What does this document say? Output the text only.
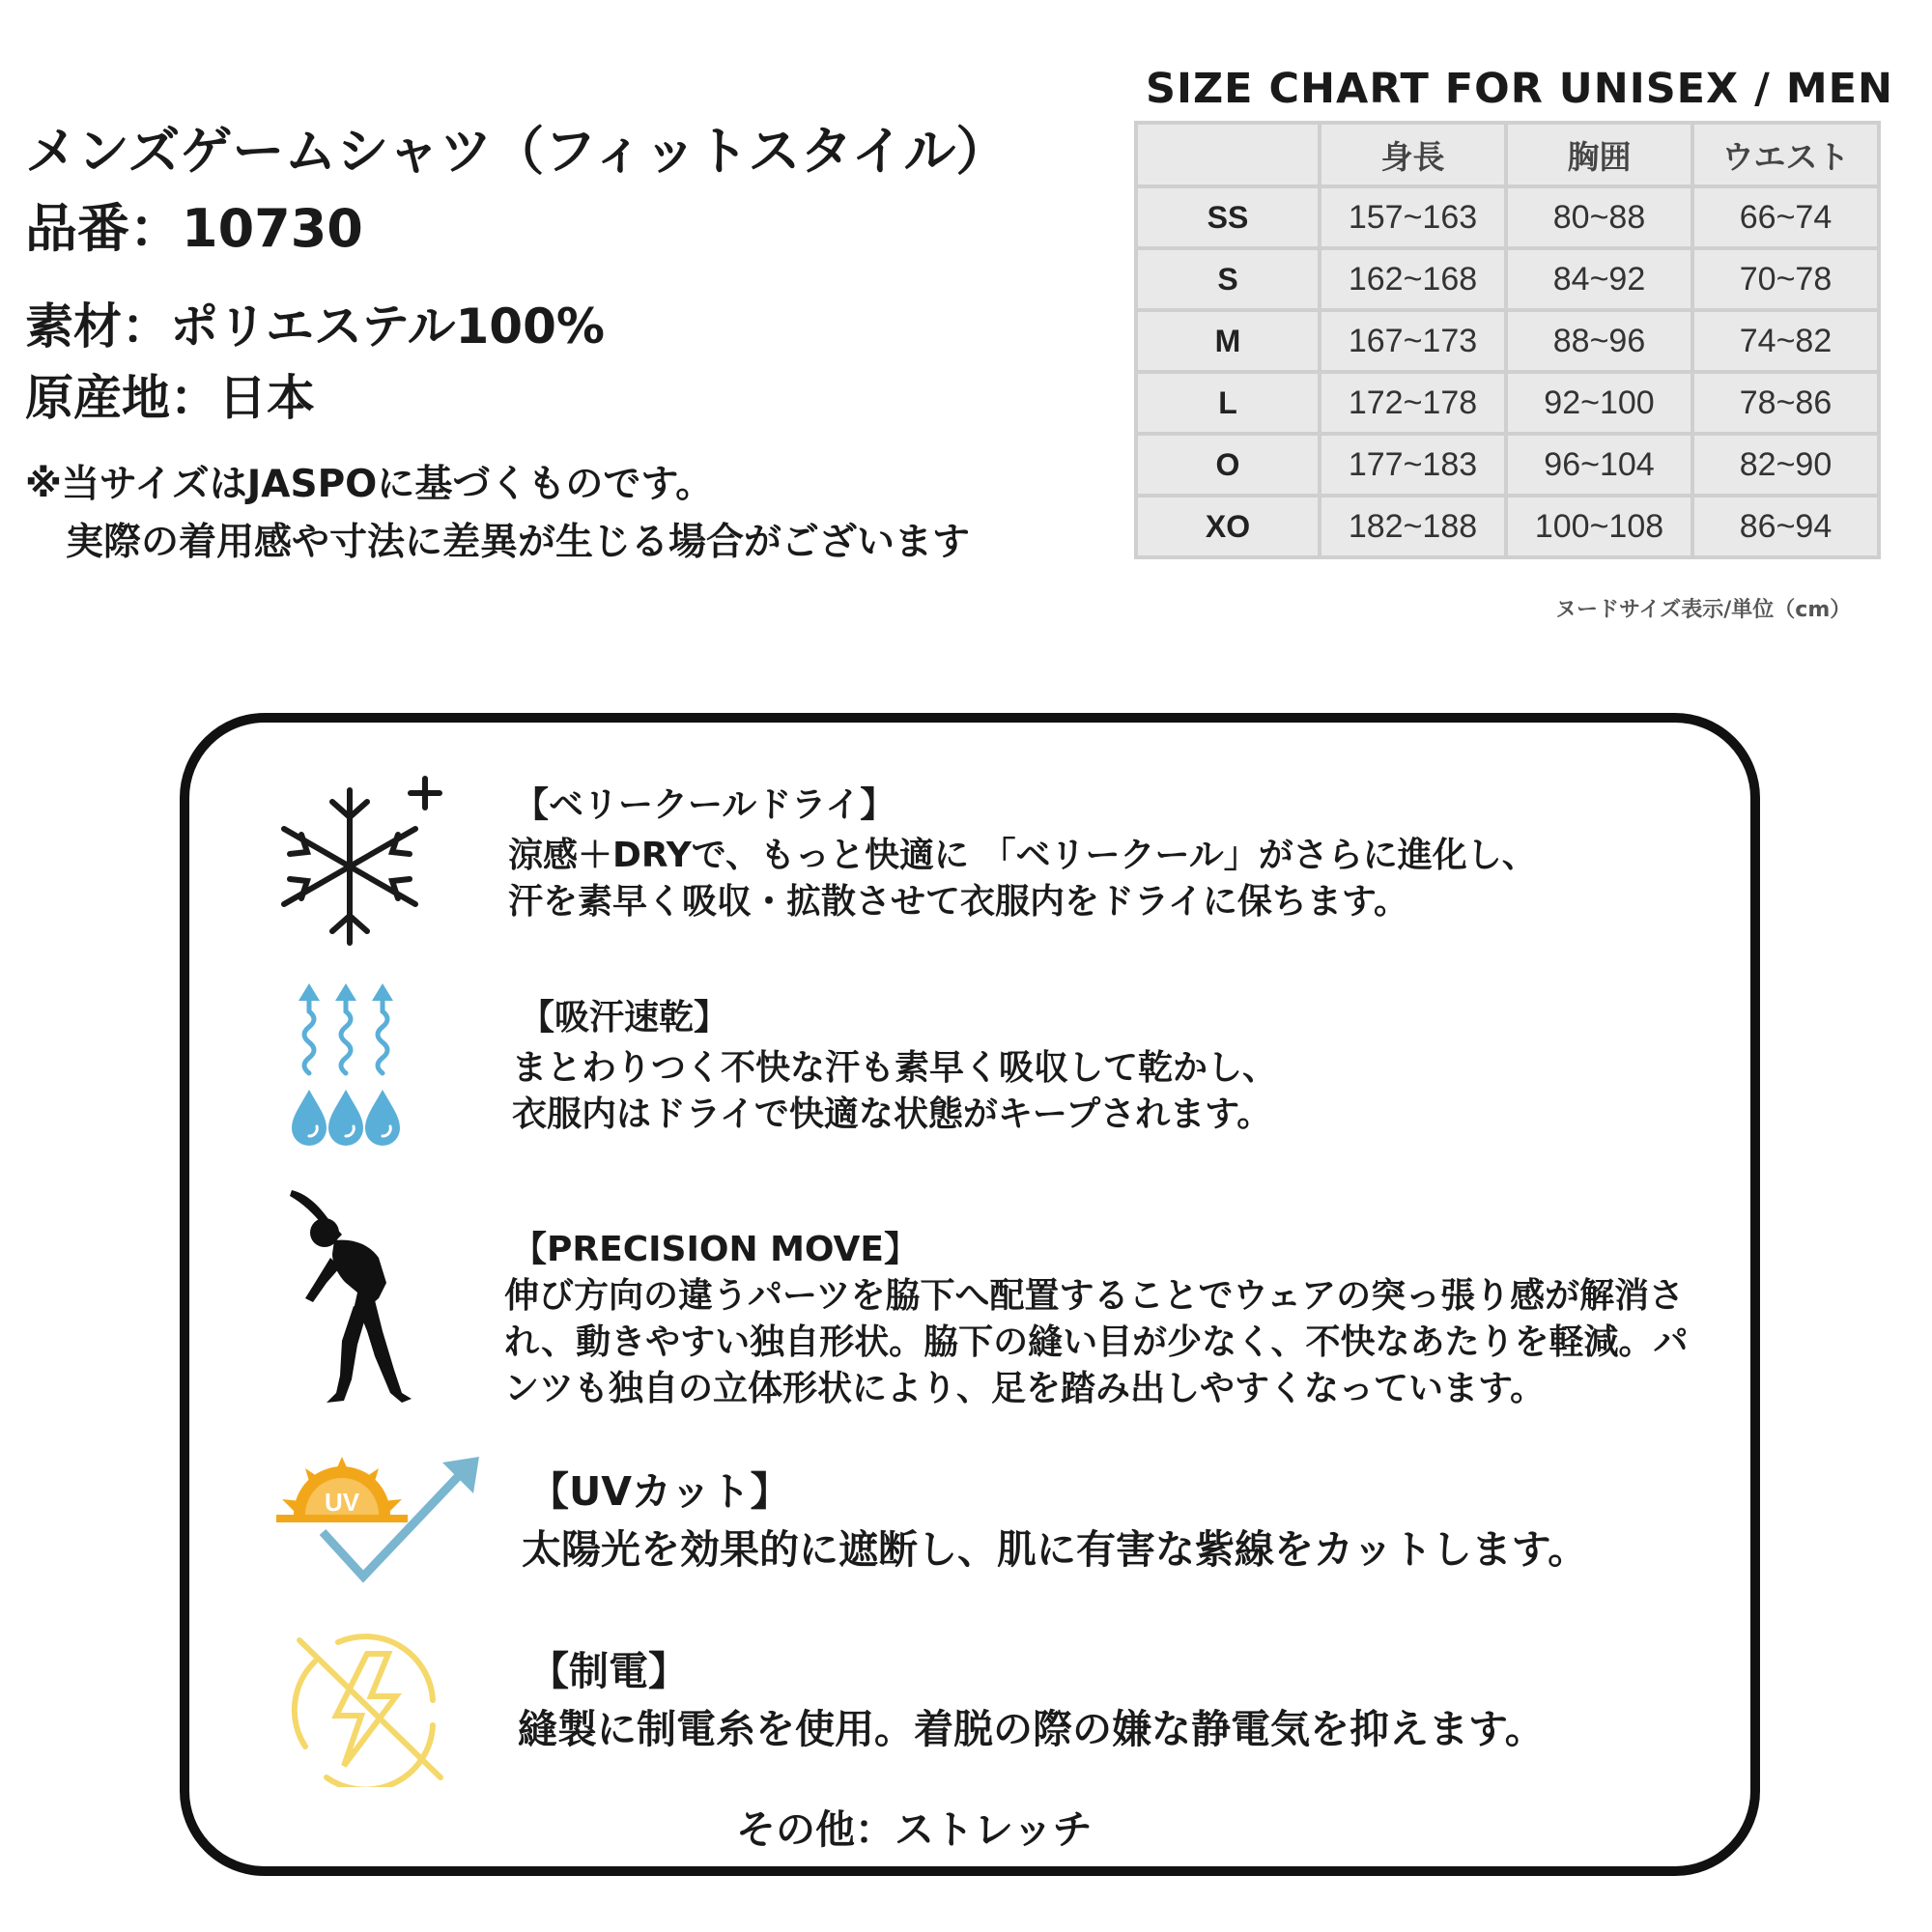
メンズゲームシャツ（フィットスタイル）
品番：10730
素材：ポリエステル100%
原産地：日本
※当サイズはJASPOに基づくものです。
実際の着用感や寸法に差異が生じる場合がございます
SIZE CHART FOR UNISEX / MEN
	身長	胸囲	ウエスト
SS	157~163	80~88	66~74
S	162~168	84~92	70~78
M	167~173	88~96	74~82
L	172~178	92~100	78~86
O	177~183	96~104	82~90
XO	182~188	100~108	86~94
ヌードサイズ表示/単位（cm）
【ベリークールドライ】
涼感＋DRYで、もっと快適に 「ベリークール」がさらに進化し、
汗を素早く吸収・拡散させて衣服内をドライに保ちます。
【吸汗速乾】
まとわりつく不快な汗も素早く吸収して乾かし、
衣服内はドライで快適な状態がキープされます。
【PRECISION MOVE】
伸び方向の違うパーツを脇下へ配置することでウェアの突っ張り感が解消さ
れ、動きやすい独自形状。脇下の縫い目が少なく、不快なあたりを軽減。パ
ンツも独自の立体形状により、足を踏み出しやすくなっています。
UV	【UVカット】
太陽光を効果的に遮断し、肌に有害な紫線をカットします。
【制電】
縫製に制電糸を使用。着脱の際の嫌な静電気を抑えます。
その他：ストレッチ
